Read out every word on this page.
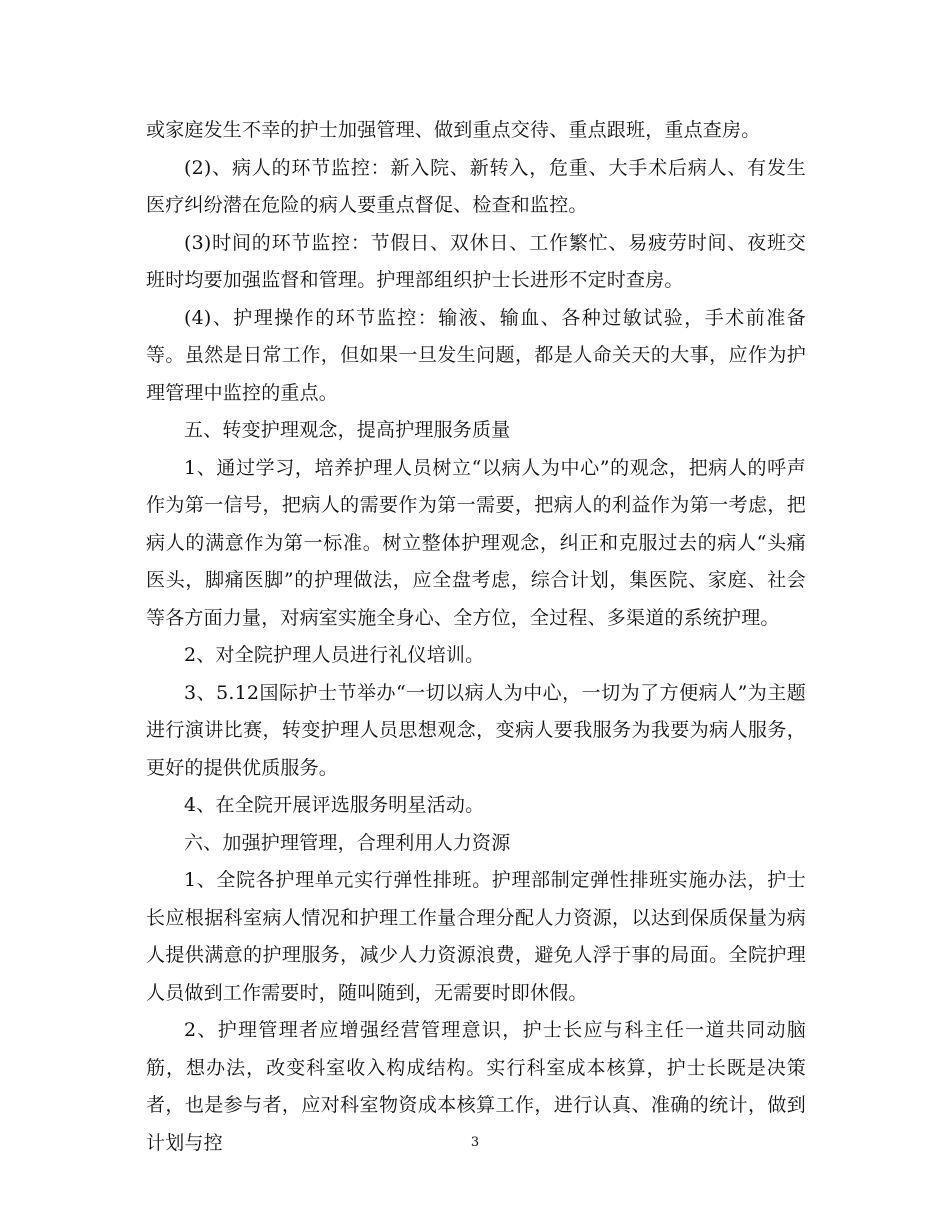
或家庭发生不幸的护士加强管理、做到重点交待、重点跟班，重点查房。

(2)、病人的环节监控：新入院、新转入，危重、大手术后病人、有发生医疗纠纷潜在危险的病人要重点督促、检查和监控。

(3)时间的环节监控：节假日、双休日、工作繁忙、易疲劳时间、夜班交班时均要加强监督和管理。护理部组织护士长进形不定时查房。

(4)、护理操作的环节监控：输液、输血、各种过敏试验，手术前准备等。虽然是日常工作，但如果一旦发生问题，都是人命关天的大事，应作为护理管理中监控的重点。

五、转变护理观念，提高护理服务质量

1、通过学习，培养护理人员树立“以病人为中心”的观念，把病人的呼声作为第一信号，把病人的需要作为第一需要，把病人的利益作为第一考虑，把病人的满意作为第一标准。树立整体护理观念，纠正和克服过去的病人“头痛医头，脚痛医脚”的护理做法，应全盘考虑，综合计划，集医院、家庭、社会等各方面力量，对病室实施全身心、全方位，全过程、多渠道的系统护理。

2、对全院护理人员进行礼仪培训。

3、5.12国际护士节举办“一切以病人为中心，一切为了方便病人”为主题进行演讲比赛，转变护理人员思想观念，变病人要我服务为我要为病人服务，更好的提供优质服务。

4、在全院开展评选服务明星活动。

六、加强护理管理，合理利用人力资源

1、全院各护理单元实行弹性排班。护理部制定弹性排班实施办法，护士长应根据科室病人情况和护理工作量合理分配人力资源，以达到保质保量为病人提供满意的护理服务，减少人力资源浪费，避免人浮于事的局面。全院护理人员做到工作需要时，随叫随到，无需要时即休假。

2、护理管理者应增强经营管理意识，护士长应与科主任一道共同动脑筋，想办法，改变科室收入构成结构。实行科室成本核算，护士长既是决策者，也是参与者，应对科室物资成本核算工作，进行认真、准确的统计，做到计划与控	3
